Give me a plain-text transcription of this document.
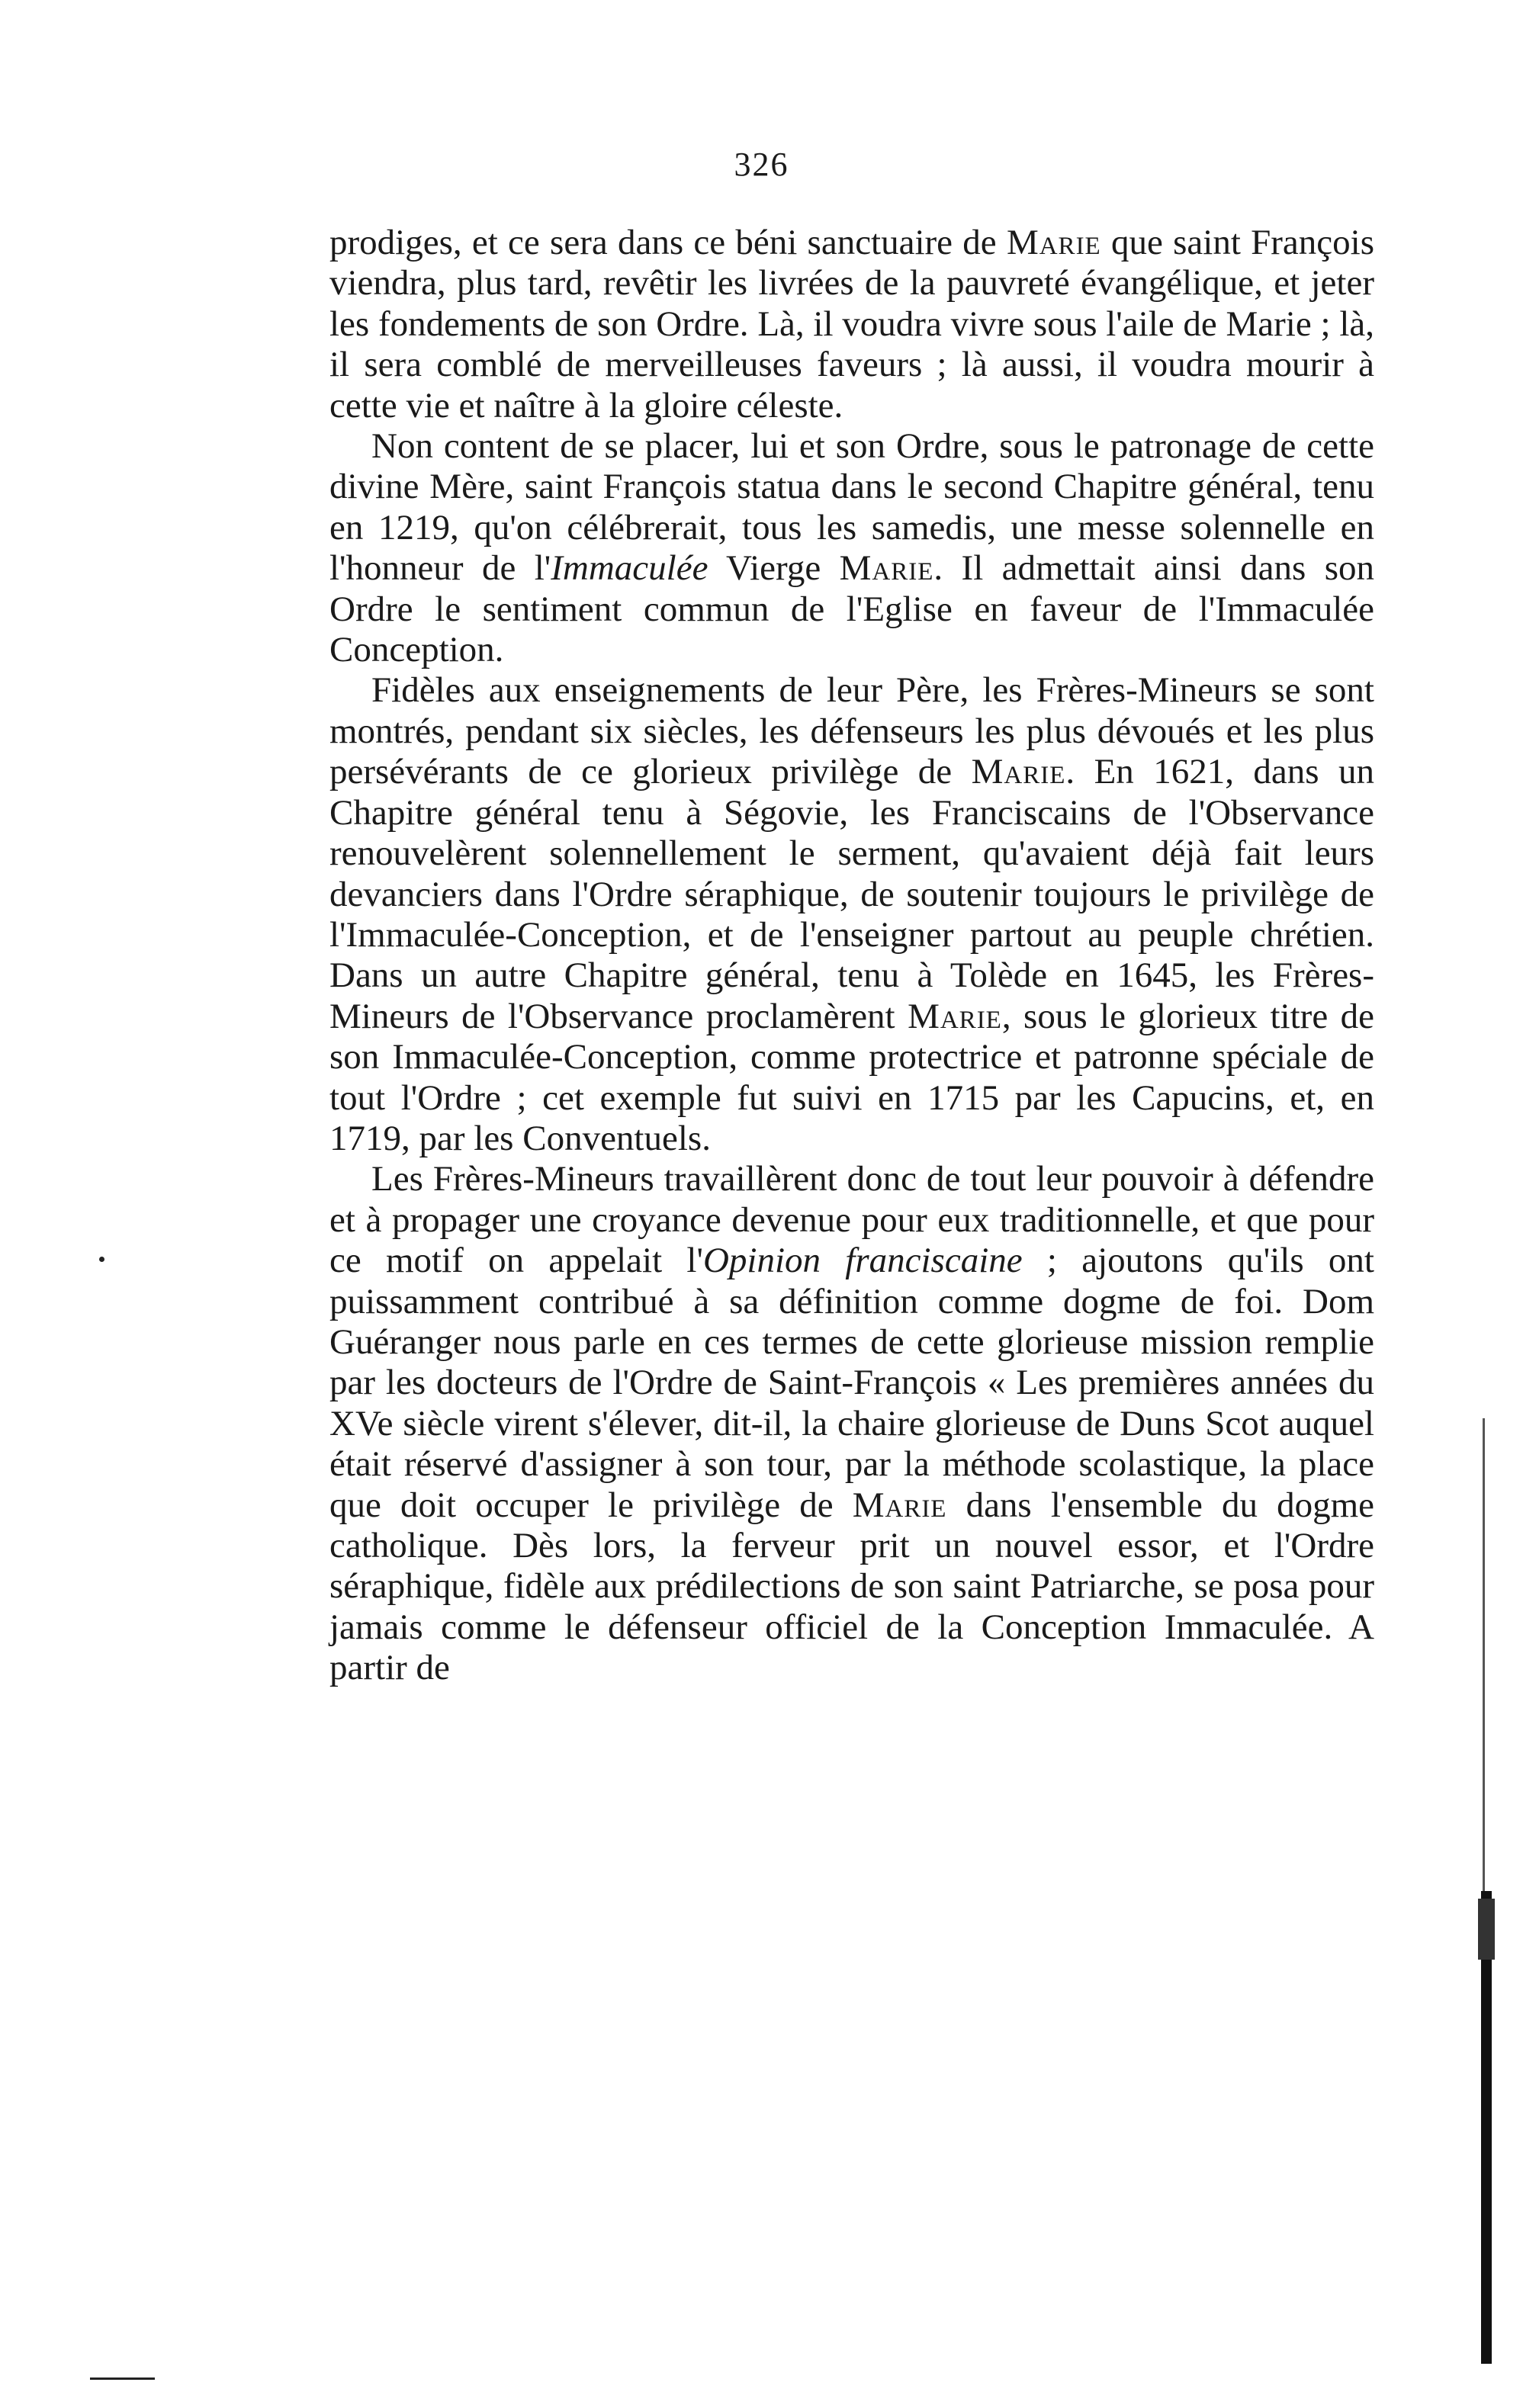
326

prodiges, et ce sera dans ce béni sanctuaire de Marie que saint François viendra, plus tard, revêtir les livrées de la pauvreté évangélique, et jeter les fondements de son Ordre. Là, il voudra vivre sous l'aile de Marie ; là, il sera comblé de merveilleuses faveurs ; là aussi, il voudra mourir à cette vie et naître à la gloire céleste.

Non content de se placer, lui et son Ordre, sous le patronage de cette divine Mère, saint François statua dans le second Chapitre général, tenu en 1219, qu'on célébrerait, tous les samedis, une messe solennelle en l'honneur de l'Immaculée Vierge Marie. Il admettait ainsi dans son Ordre le sentiment commun de l'Eglise en faveur de l'Immaculée Conception.

Fidèles aux enseignements de leur Père, les Frères-Mineurs se sont montrés, pendant six siècles, les défenseurs les plus dévoués et les plus persévérants de ce glorieux privilège de Marie. En 1621, dans un Chapitre général tenu à Ségovie, les Franciscains de l'Observance renouvelèrent solennellement le serment, qu'avaient déjà fait leurs devanciers dans l'Ordre séraphique, de soutenir toujours le privilège de l'Immaculée-Conception, et de l'enseigner partout au peuple chrétien. Dans un autre Chapitre général, tenu à Tolède en 1645, les Frères-Mineurs de l'Observance proclamèrent Marie, sous le glorieux titre de son Immaculée-Conception, comme protectrice et patronne spéciale de tout l'Ordre ; cet exemple fut suivi en 1715 par les Capucins, et, en 1719, par les Conventuels.

Les Frères-Mineurs travaillèrent donc de tout leur pouvoir à défendre et à propager une croyance devenue pour eux traditionnelle, et que pour ce motif on appelait l'Opinion franciscaine ; ajoutons qu'ils ont puissamment contribué à sa définition comme dogme de foi. Dom Guéranger nous parle en ces termes de cette glorieuse mission remplie par les docteurs de l'Ordre de Saint-François « Les premières années du XVe siècle virent s'élever, dit-il, la chaire glorieuse de Duns Scot auquel était réservé d'assigner à son tour, par la méthode scolastique, la place que doit occuper le privilège de Marie dans l'ensemble du dogme catholique. Dès lors, la ferveur prit un nouvel essor, et l'Ordre séraphique, fidèle aux prédilections de son saint Patriarche, se posa pour jamais comme le défenseur officiel de la Conception Immaculée. A partir de
